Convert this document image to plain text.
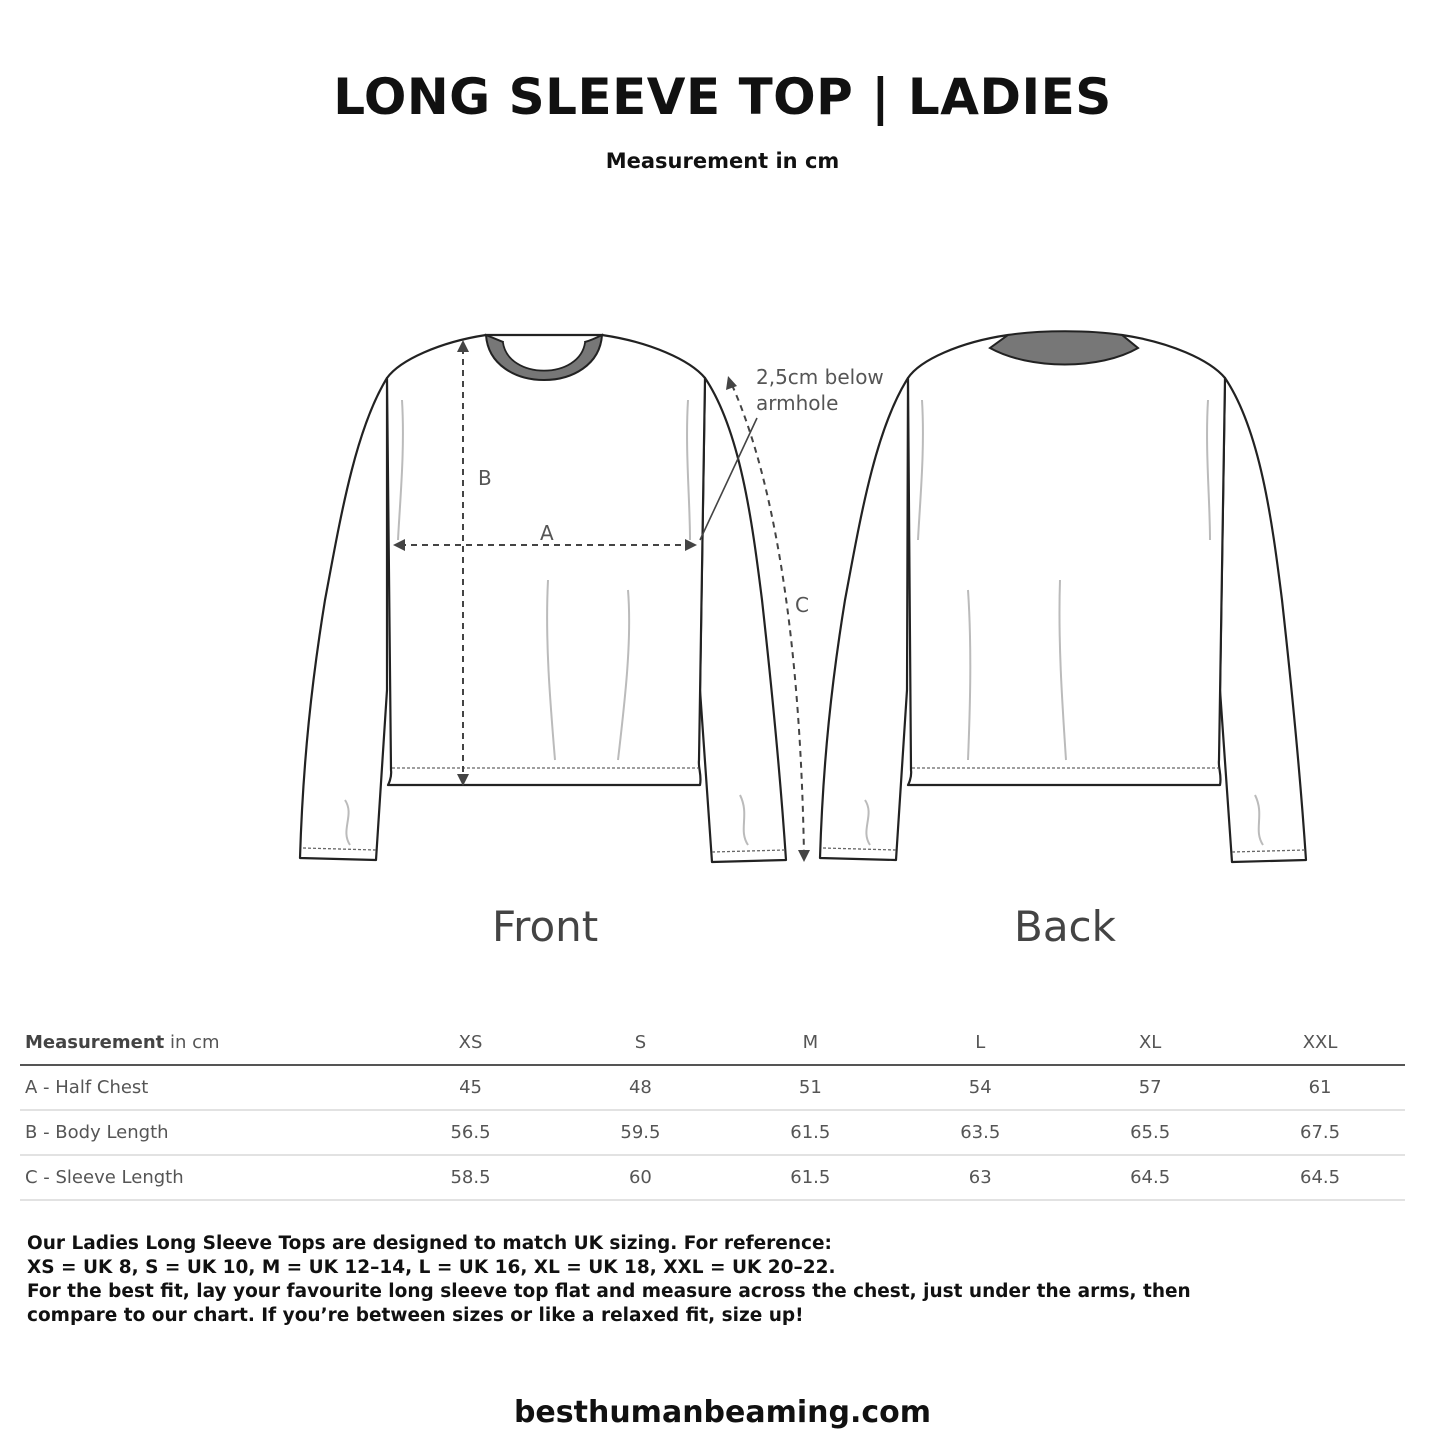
LONG SLEEVE TOP | LADIES
Measurement in cm
B
A
C
2,5cm below
armhole
Front	Back
Measurement in cm	XS	S	M	L	XL	XXL
A - Half Chest	45	48	51	54	57	61
B - Body Length	56.5	59.5	61.5	63.5	65.5	67.5
C - Sleeve Length	58.5	60	61.5	63	64.5	64.5

Our Ladies Long Sleeve Tops are designed to match UK sizing. For reference:

XS = UK 8, S = UK 10, M = UK 12–14, L = UK 16, XL = UK 18, XXL = UK 20–22.

For the best fit, lay your favourite long sleeve top flat and measure across the chest, just under the arms, then compare to our chart. If you’re between sizes or like a relaxed fit, size up!

besthumanbeaming.com
